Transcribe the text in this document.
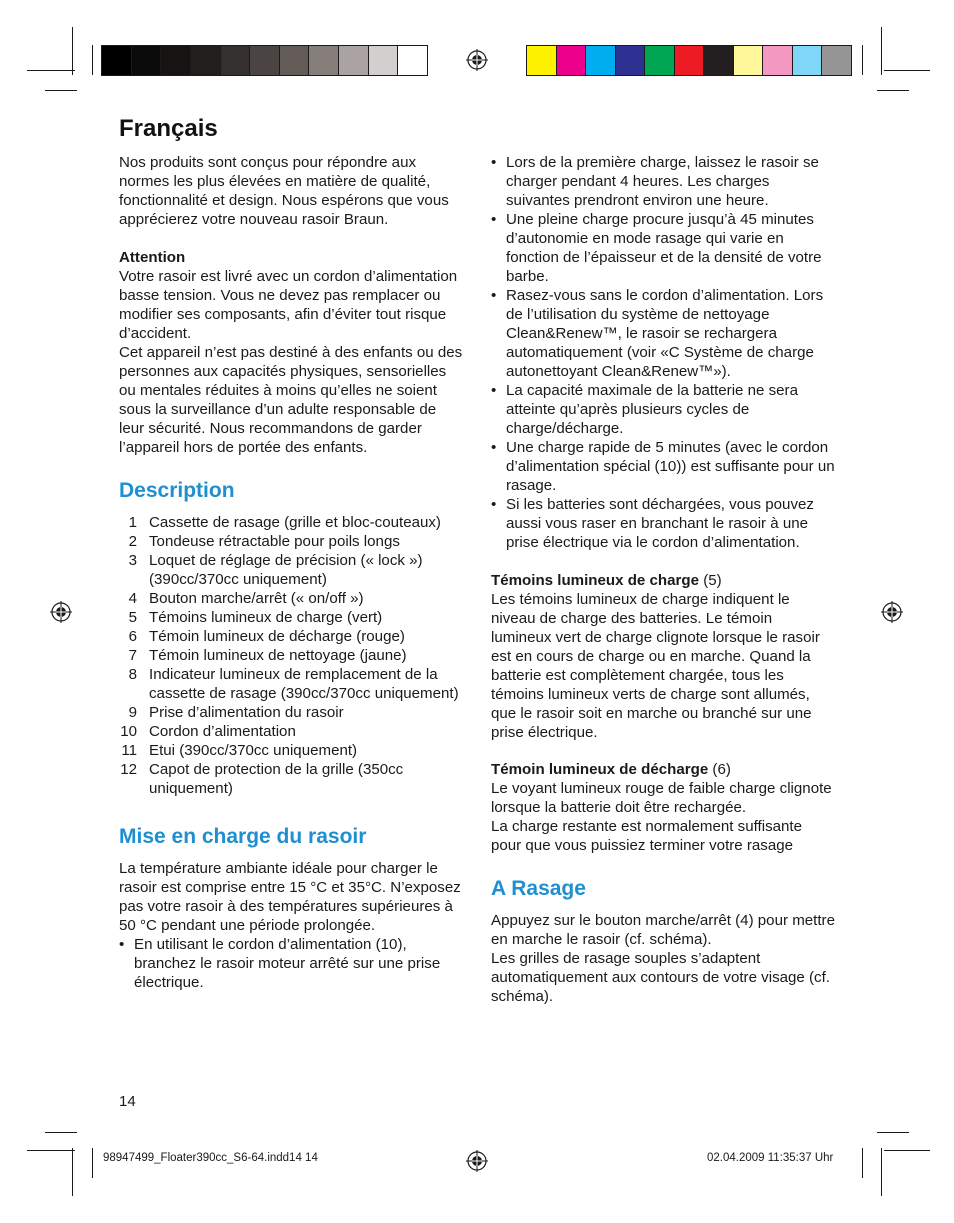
Français

Nos produits sont conçus pour répondre aux normes les plus élevées en matière de qualité, fonctionnalité et design. Nous espérons que vous apprécierez votre nouveau rasoir Braun.

Attention

Votre rasoir est livré avec un cordon d’alimentation basse tension. Vous ne devez pas remplacer ou modifier ses composants, afin d’éviter tout risque d’accident.

Cet appareil n’est pas destiné à des enfants ou des personnes aux capacités physiques, sensorielles ou mentales réduites à moins qu’elles ne soient sous la surveillance d’un adulte responsable de leur sécurité. Nous recommandons de garder l’appareil hors de portée des enfants.

Description
1 Cassette de rasage (grille et bloc-couteaux)
2 Tondeuse rétractable pour poils longs
3 Loquet de réglage de précision (« lock ») (390cc/370cc uniquement)
4 Bouton marche/arrêt (« on/off »)
5 Témoins lumineux de charge (vert)
6 Témoin lumineux de décharge (rouge)
7 Témoin lumineux de nettoyage (jaune)
8 Indicateur lumineux de remplacement de la cassette de rasage (390cc/370cc uniquement)
9 Prise d’alimentation du rasoir
10 Cordon d’alimentation
11 Etui (390cc/370cc uniquement)
12 Capot de protection de la grille (350cc uniquement)
Mise en charge du rasoir

La température ambiante idéale pour charger le rasoir est comprise entre 15 °C et 35°C. N’exposez pas votre rasoir à des températures supérieures à 50 °C pendant une période prolongée.

• En utilisant le cordon d’alimentation (10), branchez le rasoir moteur arrêté sur une prise électrique.
• Lors de la première charge, laissez le rasoir se charger pendant 4 heures. Les charges suivantes prendront environ une heure.
• Une pleine charge procure jusqu’à 45 minutes d’autonomie en mode rasage qui varie en fonction de l’épaisseur et de la densité de votre barbe.
• Rasez-vous sans le cordon d’alimentation. Lors de l’utilisation du système de nettoyage Clean&Renew™, le rasoir se rechargera automatiquement (voir «C Système de charge autonettoyant Clean&Renew™»).
• La capacité maximale de la batterie ne sera atteinte qu’après plusieurs cycles de charge/décharge.
• Une charge rapide de 5 minutes (avec le cordon d’alimentation spécial (10)) est suffisante pour un rasage.
• Si les batteries sont déchargées, vous pouvez aussi vous raser en branchant le rasoir à une prise électrique via le cordon d’alimentation.

Témoins lumineux de charge (5)

Les témoins lumineux de charge indiquent le niveau de charge des batteries. Le témoin lumineux vert de charge clignote lorsque le rasoir est en cours de charge ou en marche. Quand la batterie est complètement chargée, tous les témoins lumineux verts de charge sont allumés, que le rasoir soit en marche ou branché sur une prise électrique.

Témoin lumineux de décharge (6)

Le voyant lumineux rouge de faible charge clignote lorsque la batterie doit être rechargée.

La charge restante est normalement suffisante pour que vous puissiez terminer votre rasage

A Rasage

Appuyez sur le bouton marche/arrêt (4) pour mettre en marche le rasoir (cf. schéma).

Les grilles de rasage souples s’adaptent automatiquement aux contours de votre visage (cf. schéma).

14
98947499_Floater390cc_S6-64.indd14 14	02.04.2009 11:35:37 Uhr
